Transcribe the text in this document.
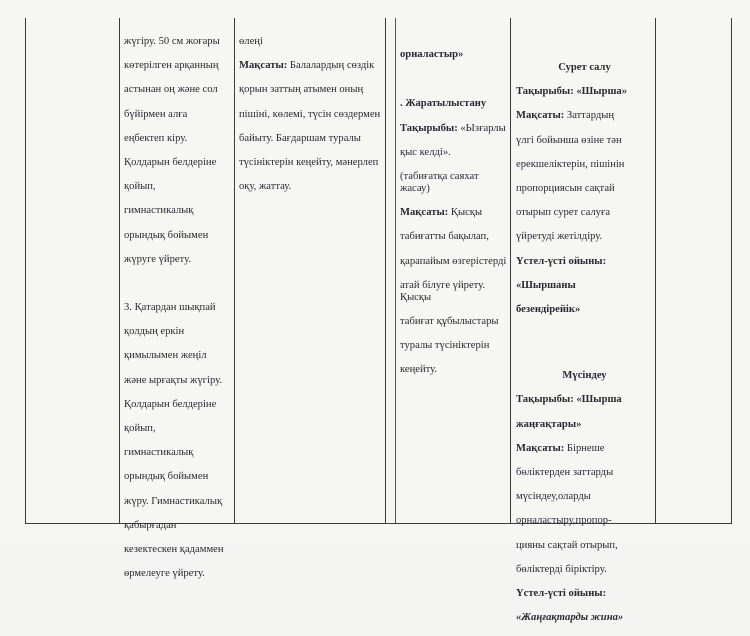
жүгіру. 50 см жоғары

көтерілген арқанның

астынан оң және сол

бүйірмен алға

еңбектеп кіру.

Қолдарын белдеріне

қойып,

гимнастикалық

орындық бойымен

жүруге үйрету.

3. Қатардан шықпай

қолдың еркін

қимылымен жеңіл

және ырғақты жүгіру.

Қолдарын белдеріне

қойып,

гимнастикалық

орындық бойымен

жүру. Гимнастикалық

қабырғадан

кезектескен қадаммен

өрмелеуге үйрету.

өлеңі

Мақсаты: Балалардың сөздік

қорын заттың атымен оның

пішіні, көлемі, түсін сөздермен

байыту. Бағдаршам туралы

түсініктерін кеңейту, мәнерлеп

оқу, жаттау.

орналастыр»

. Жаратылыстану

Тақырыбы: «Ызғарлы

қыс келді».

(табиғатқа саяхат жасау)

Мақсаты: Қысқы

табиғатты бақылап,

қарапайым өзгерістерді

атай білуге үйрету. Қысқы

табиғат құбылыстары

туралы түсініктерін

кеңейту.

Сурет салу

Тақырыбы: «Шырша»

Мақсаты: Заттардың

үлгі бойынша өзіне тән

ерекшеліктерін, пішінін

пропорциясын сақтай

отырып сурет салуға

үйретуді жетілдіру.

Үстел-үсті ойыны:

«Шыршаны

безендірейік»

Мүсіндеу

Тақырыбы: «Шырша

жаңғақтары»

Мақсаты: Бірнеше

бөліктерден заттарды

мүсіндеу,оларды

орналастыру,пропор-

цияны сақтай отырып,

бөліктерді біріктіру.

Үстел-үсті ойыны:

«Жаңғақтарды жина»
